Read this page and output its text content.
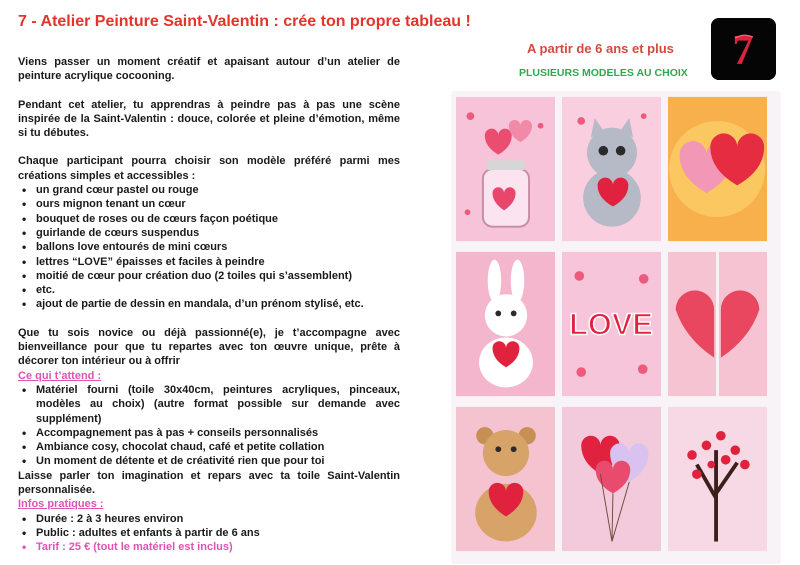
7 - Atelier Peinture Saint-Valentin : crée ton propre tableau !
A partir de 6 ans et plus
PLUSIEURS MODELES AU CHOIX 7

Viens passer un moment créatif et apaisant autour d’un atelier de peinture acrylique cocooning.

Pendant cet atelier, tu apprendras à peindre pas à pas une scène inspirée de la Saint-Valentin : douce, colorée et pleine d’émotion, même si tu débutes.

Chaque participant pourra choisir son modèle préféré parmi mes créations simples et accessibles :

• un grand cœur pastel ou rouge
• ours mignon tenant un cœur
• bouquet de roses ou de cœurs façon poétique
• guirlande de cœurs suspendus
• ballons love entourés de mini cœurs
• lettres “LOVE” épaisses et faciles à peindre
• moitié de cœur pour création duo (2 toiles qui s’assemblent)
• etc.
• ajout de partie de dessin en mandala, d’un prénom stylisé, etc.

Que tu sois novice ou déjà passionné(e), je t’accompagne avec bienveillance pour que tu repartes avec ton œuvre unique, prête à décorer ton intérieur ou à offrir

Ce qui t’attend :

• Matériel fourni (toile 30x40cm, peintures acryliques, pinceaux, modèles au choix) (autre format possible sur demande avec supplément)
• Accompagnement pas à pas + conseils personnalisés
• Ambiance cosy, chocolat chaud, café et petite collation
• Un moment de détente et de créativité rien que pour toi

Laisse parler ton imagination et repars avec ta toile Saint-Valentin personnalisée.

Infos pratiques :

• Durée : 2 à 3 heures environ
• Public : adultes et enfants à partir de 6 ans
• Tarif : 25 € (tout le matériel est inclus)
LOVE
